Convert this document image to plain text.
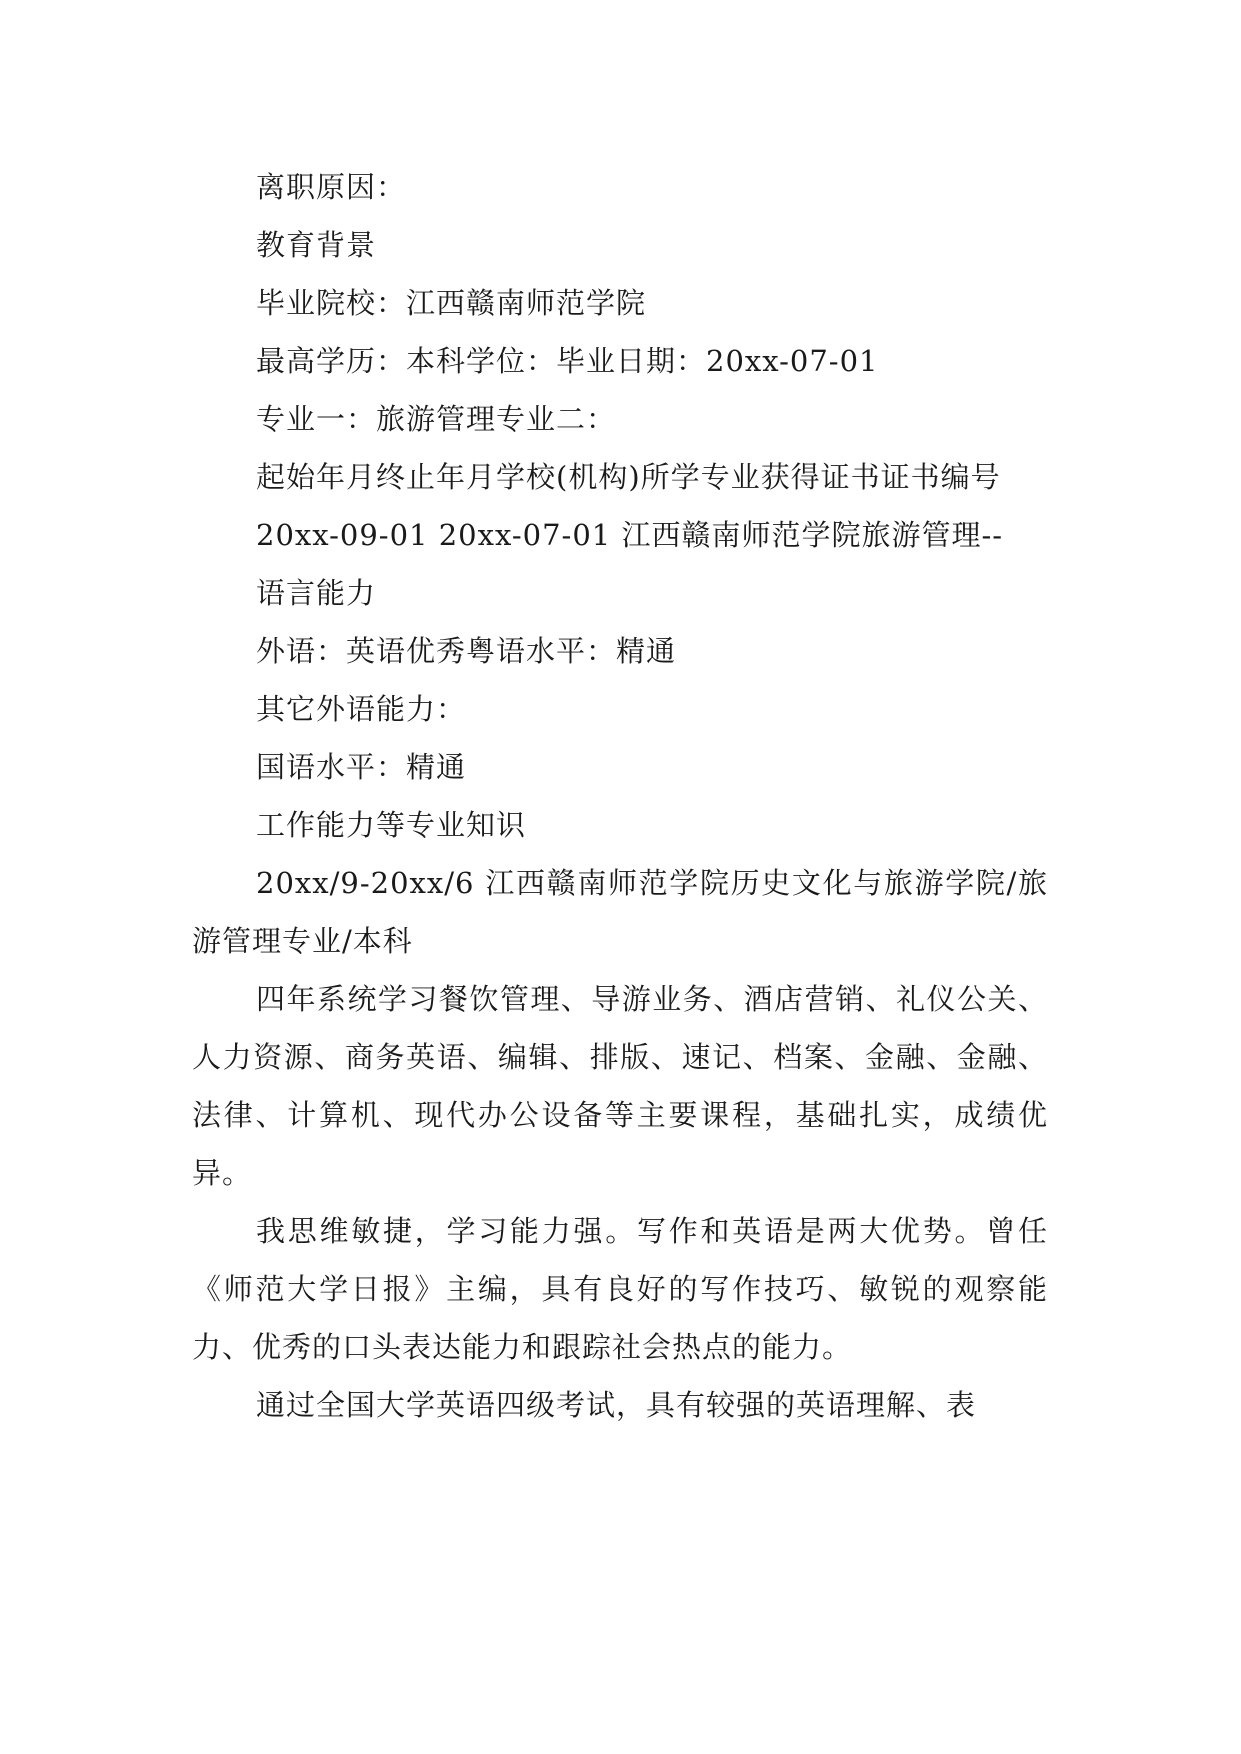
离职原因：

教育背景

毕业院校：江西赣南师范学院

最高学历：本科学位：毕业日期：20xx-07-01

专业一：旅游管理专业二：

起始年月终止年月学校(机构)所学专业获得证书证书编号

20xx-09-01 20xx-07-01 江西赣南师范学院旅游管理--

语言能力

外语：英语优秀粤语水平：精通

其它外语能力：

国语水平：精通

工作能力等专业知识

20xx/9-20xx/6 江西赣南师范学院历史文化与旅游学院/旅游管理专业/本科

四年系统学习餐饮管理、导游业务、酒店营销、礼仪公关、人力资源、商务英语、编辑、排版、速记、档案、金融、金融、法律、计算机、现代办公设备等主要课程，基础扎实，成绩优异。

我思维敏捷，学习能力强。写作和英语是两大优势。曾任《师范大学日报》主编，具有良好的写作技巧、敏锐的观察能力、优秀的口头表达能力和跟踪社会热点的能力。

通过全国大学英语四级考试，具有较强的英语理解、表
